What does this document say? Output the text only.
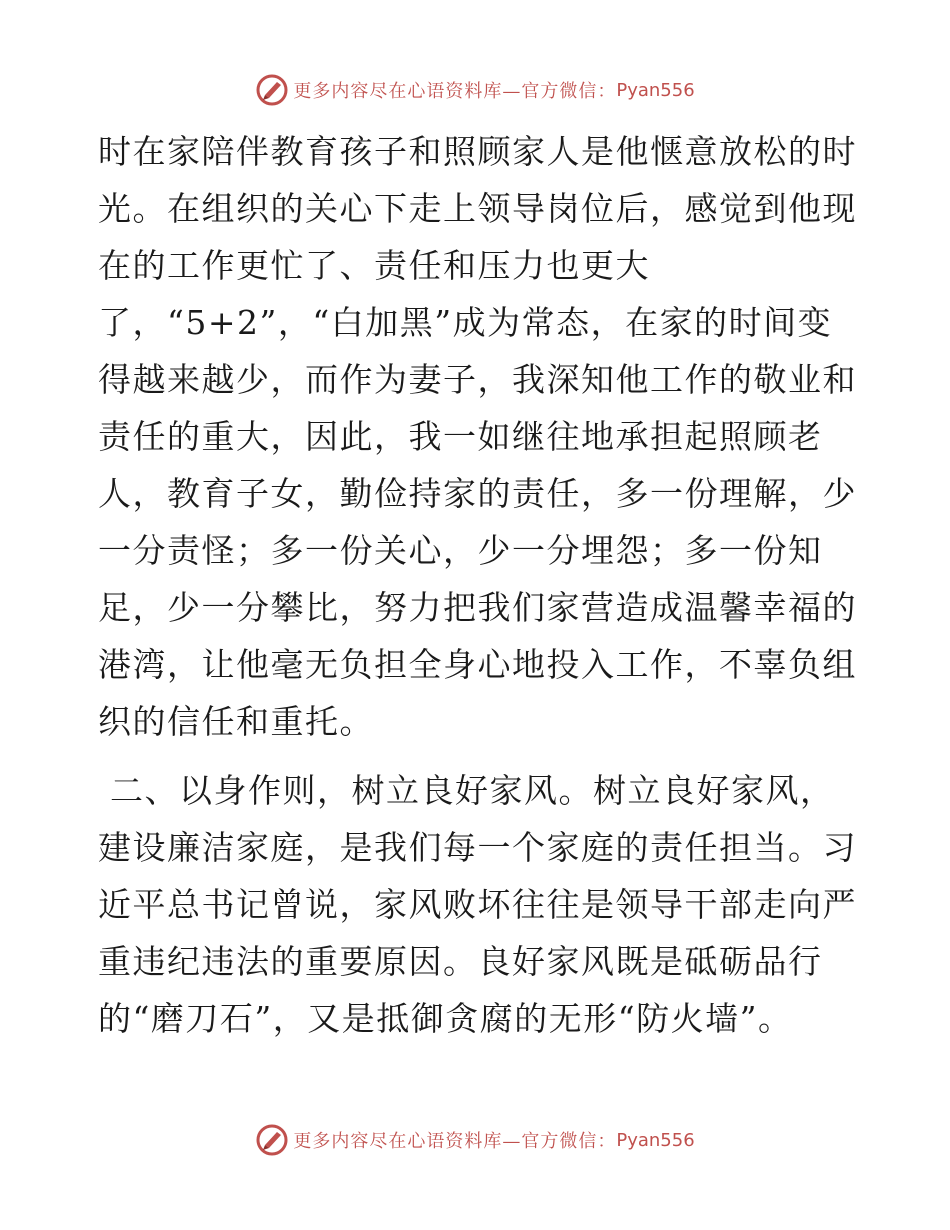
更多内容尽在心语资料库—官方微信： Pyan556
时在家陪伴教育孩子和照顾家人是他惬意放松的时
光。在组织的关心下走上领导岗位后，感觉到他现
在的工作更忙了、责任和压力也更大
了，“5+2”，“白加黑”成为常态，在家的时间变
得越来越少，而作为妻子，我深知他工作的敬业和
责任的重大，因此，我一如继往地承担起照顾老
人，教育子女，勤俭持家的责任，多一份理解，少
一分责怪；多一份关心，少一分埋怨；多一份知
足，少一分攀比，努力把我们家营造成温馨幸福的
港湾，让他毫无负担全身心地投入工作，不辜负组
织的信任和重托。
二、以身作则，树立良好家风。树立良好家风，
建设廉洁家庭，是我们每一个家庭的责任担当。习
近平总书记曾说，家风败坏往往是领导干部走向严
重违纪违法的重要原因。良好家风既是砥砺品行
的“磨刀石”，又是抵御贪腐的无形“防火墙”。
更多内容尽在心语资料库—官方微信： Pyan556
